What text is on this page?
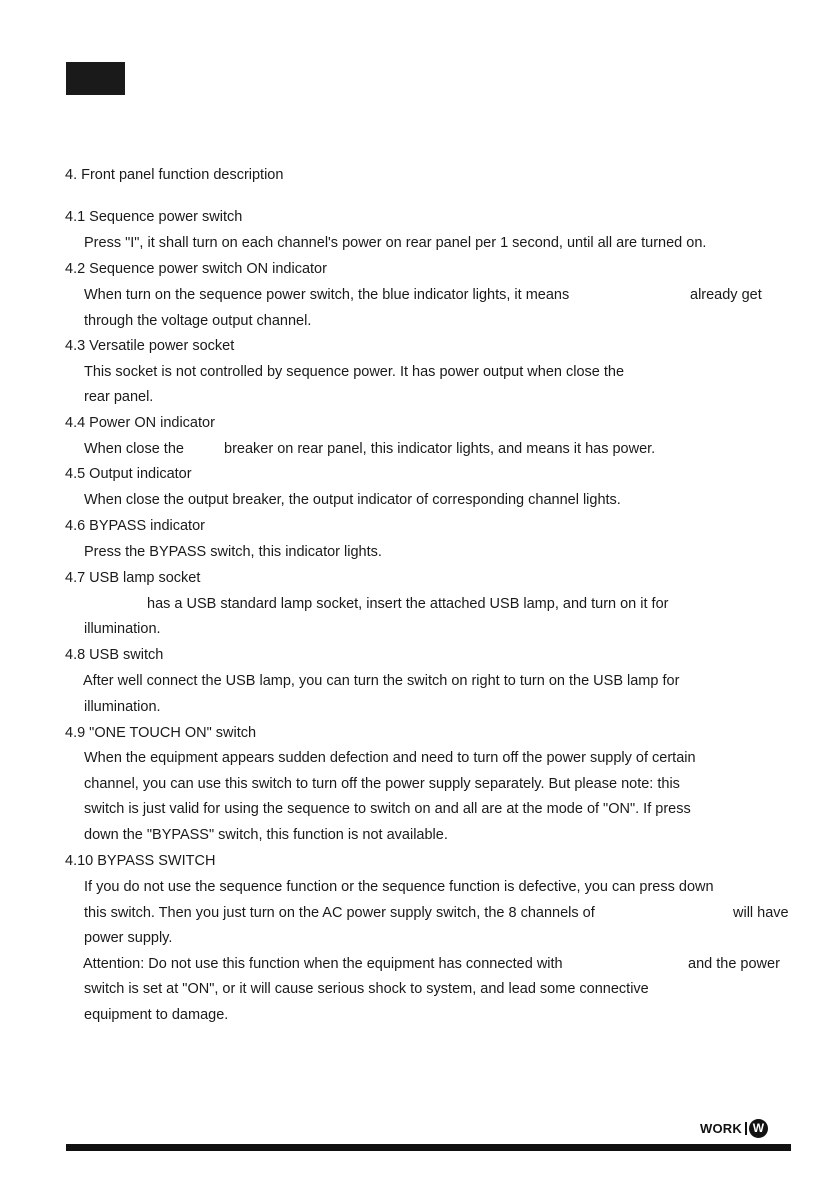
4. Front panel function description
4.1 Sequence power switch
Press "I", it shall turn on each channel's power on rear panel per 1 second, until all are turned on.
4.2 Sequence power switch ON indicator
When turn on the sequence power switch, the blue indicator lights, it means	already get
through the voltage output channel.
4.3 Versatile power socket
This socket is not controlled by sequence power. It has power output when close the
rear panel.
4.4 Power ON indicator
When close the	breaker on rear panel, this indicator lights, and means it has power.
4.5 Output indicator
When close the output breaker, the output indicator of corresponding channel lights.
4.6 BYPASS indicator
Press the BYPASS switch, this indicator lights.
4.7 USB lamp socket
has a USB standard lamp socket, insert the attached USB lamp, and turn on it for
illumination.
4.8 USB switch
After well connect the USB lamp, you can turn the switch on right to turn on the USB lamp for
illumination.
4.9 "ONE TOUCH ON" switch
When the equipment appears sudden defection and need to turn off the power supply of certain
channel, you can use this switch to turn off the power supply separately. But please note: this
switch is just valid for using the sequence to switch on and all are at the mode of "ON". If press
down the "BYPASS" switch, this function is not available.
4.10 BYPASS SWITCH
If you do not use the sequence function or the sequence function is defective, you can press down
this switch. Then you just turn on the AC power supply switch, the 8 channels of	will have
power supply.
Attention: Do not use this function when the equipment has connected with	and the power
switch is set at "ON", or it will cause serious shock to system, and lead some connective
equipment to damage.
WORK W
